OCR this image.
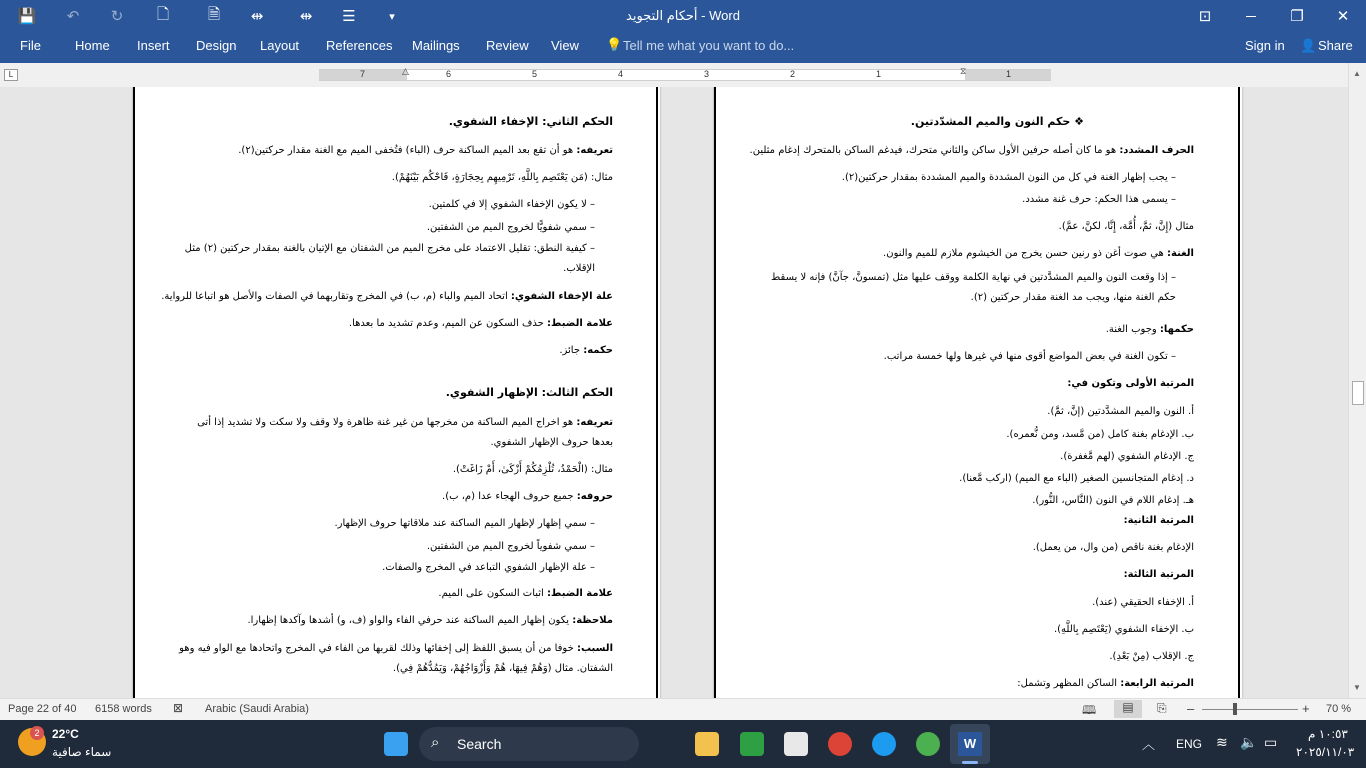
💾	↶	↻	🗋	🗎	⇹	⇹	☰	▾	أحكام التجويد - Word	⊡	❐	✕
File	Home Insert Design Layout References Mailings Review View 💡 Tell me what you want to do...	Sign in 👤 Share
L	7	6	5	4	3	2	1	1
△	⧖
الحكم الثاني: الإخفاء الشفوي.
تعريفه: هو أن تقع بعد الميم الساكنة حرف (الباء) فتُخفى الميم مع الغنة مقدار حركتين(٢).
مثال: (مَن يَعْتَصِم بِاللَّهِ، تَرْمِيهِم بِحِجَارَةٍ، فَاحْكُم بَيْنَهُمْ).
– لا يكون الإخفاء الشفوي إلا في كلمتين.
– سمي شفويًّا لخروج الميم من الشفتين.
– كيفية النطق: تقليل الاعتماد على مخرج الميم من الشفتان مع الإتيان بالغنة بمقدار حركتين (٢) مثل الإقلاب.
علة الإخفاء الشفوي: اتحاد الميم والباء (م، ب) في المخرج وتقاربهما في الصفات والأصل هو اتباعا للرواية.
علامة الضبط: حذف السكون عن الميم، وعدم تشديد ما بعدها.
حكمه: جائز.
الحكم الثالث: الإظهار الشفوي.
تعريفه: هو اخراج الميم الساكنة من مخرجها من غير غنة ظاهرة ولا وقف ولا سكت ولا تشديد إذا أتى بعدها حروف الإظهار الشفوي.
مثال: (الْحَمْدُ، تُلْزِمُكُمْ أَزْكَىٰ، أَمْ زَاغَتْ).
حروفه: جميع حروف الهجاء عدا (م، ب).
– سمي إظهار لإظهار الميم الساكنة عند ملاقاتها حروف الإظهار.
– سمي شفوياً لخروج الميم من الشفتين.
– علة الإظهار الشفوي التباعد في المخرج والصفات.
علامة الضبط: اثبات السكون على الميم.
ملاحظة: يكون إظهار الميم الساكنة عند حرفي الفاء والواو (ف، و) أشدها وآكدها إظهارا.
السبب: خوفا من أن يسبق اللفظ إلى إخفائها وذلك لقربها من الفاء في المخرج واتحادها مع الواو فيه وهو الشفتان. مثال (وَهُمْ فِيهَا، هُمْ وَأَزْوَاجُهُمْ، وَيَمُدُّهُمْ فِي).
❖ حكم النون والميم المشدّدتين.
الحرف المشدد: هو ما كان أصله حرفين الأول ساكن والثاني متحرك، فيدغم الساكن بالمتحرك إدغام مثلين.
– يجب إظهار الغنة في كل من النون المشددة والميم المشددة بمقدار حركتين(٢).
– يسمى هذا الحكم: حرف غنة مشدد.
مثال (إِنَّ، ثمَّ، أُمَّة، إِنَّا، لكنَّ، عمَّ).
الغنة: هي صوت أغن ذو رنين حسن يخرج من الخيشوم ملازم للميم والنون.
– إذا وقعت النون والميم المشدَّدتين في نهاية الكلمة ووقف عليها مثل (تمسونَّ، جآنَّ) فإنه لا يسقط حكم الغنة منها، ويجب مد الغنة مقدار حركتين (٢).
حكمها: وجوب الغنة.
– تكون الغنة في بعض المواضع أقوى منها في غيرها ولها خمسة مراتب.
المرتبة الأولى وتكون في:
أ. النون والميم المشدَّدتين (إنَّ، ثمَّ).
ب. الإدغام بغنة كامل (من مَّسد، ومن نُّعمره).
ج. الإدغام الشفوي (لهم مَّغفرة).
د. إدغام المتجانسين الصغير (الباء مع الميم) (اركب مَّعنا).
هـ. إدغام اللام في النون (النَّاس، النُّور).
المرتبة الثانية:
الإدغام بغنة ناقص (من وال، من يعمل).
المرتبة الثالثة:
أ. الإخفاء الحقيقي (عند).
ب. الإخفاء الشفوي (يَعْتَصِم بِاللَّهِ).
ج. الإقلاب (مِنْ بَعْدِ).
المرتبة الرابعة: الساكن المظهر وتشمل:
▲
▼
Page 22 of 40 6158 words ⊠ Arabic (Saudi Arabia)	🕮	▤	⎘ –	+ 70 %
2	22°C
سماء صافية
⌕ Search	W	︿ ENG ≋ 🔈 ▭	١٠:٥٣ م
٢٠٢٥/١١/٠٣
